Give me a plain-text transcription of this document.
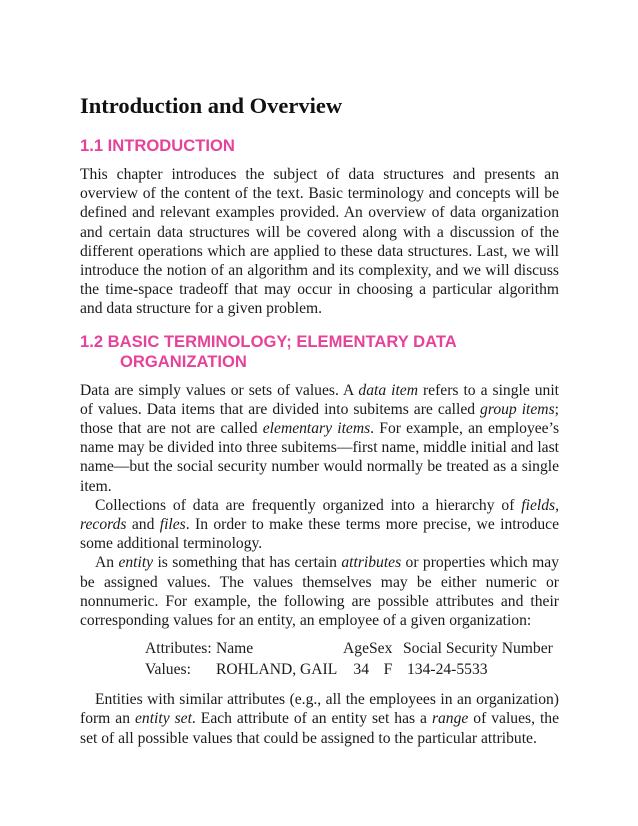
Introduction and Overview
1.1 INTRODUCTION

This chapter introduces the subject of data structures and presents an overview of the content of the text. Basic terminology and concepts will be defined and relevant examples provided. An overview of data organization and certain data structures will be covered along with a discussion of the different operations which are applied to these data structures. Last, we will introduce the notion of an algorithm and its complexity, and we will discuss the time-space tradeoff that may occur in choosing a particular algorithm and data structure for a given problem.

1.2 BASIC TERMINOLOGY; ELEMENTARY DATA
ORGANIZATION

Data are simply values or sets of values. A data item refers to a single unit of values. Data items that are divided into subitems are called group items; those that are not are called elementary items. For example, an employee’s name may be divided into three subitems—first name, middle initial and last name—but the social security number would normally be treated as a single item.

Collections of data are frequently organized into a hierarchy of fields, records and files. In order to make these terms more precise, we introduce some additional terminology.

An entity is something that has certain attributes or properties which may be assigned values. The values themselves may be either numeric or nonnumeric. For example, the following are possible attributes and their corresponding values for an entity, an employee of a given organization:

Attributes:	Name	Age	Sex	Social Security Number
Values:	ROHLAND, GAIL	34	F	134-24-5533

Entities with similar attributes (e.g., all the employees in an organization) form an entity set. Each attribute of an entity set has a range of values, the set of all possible values that could be assigned to the particular attribute.
